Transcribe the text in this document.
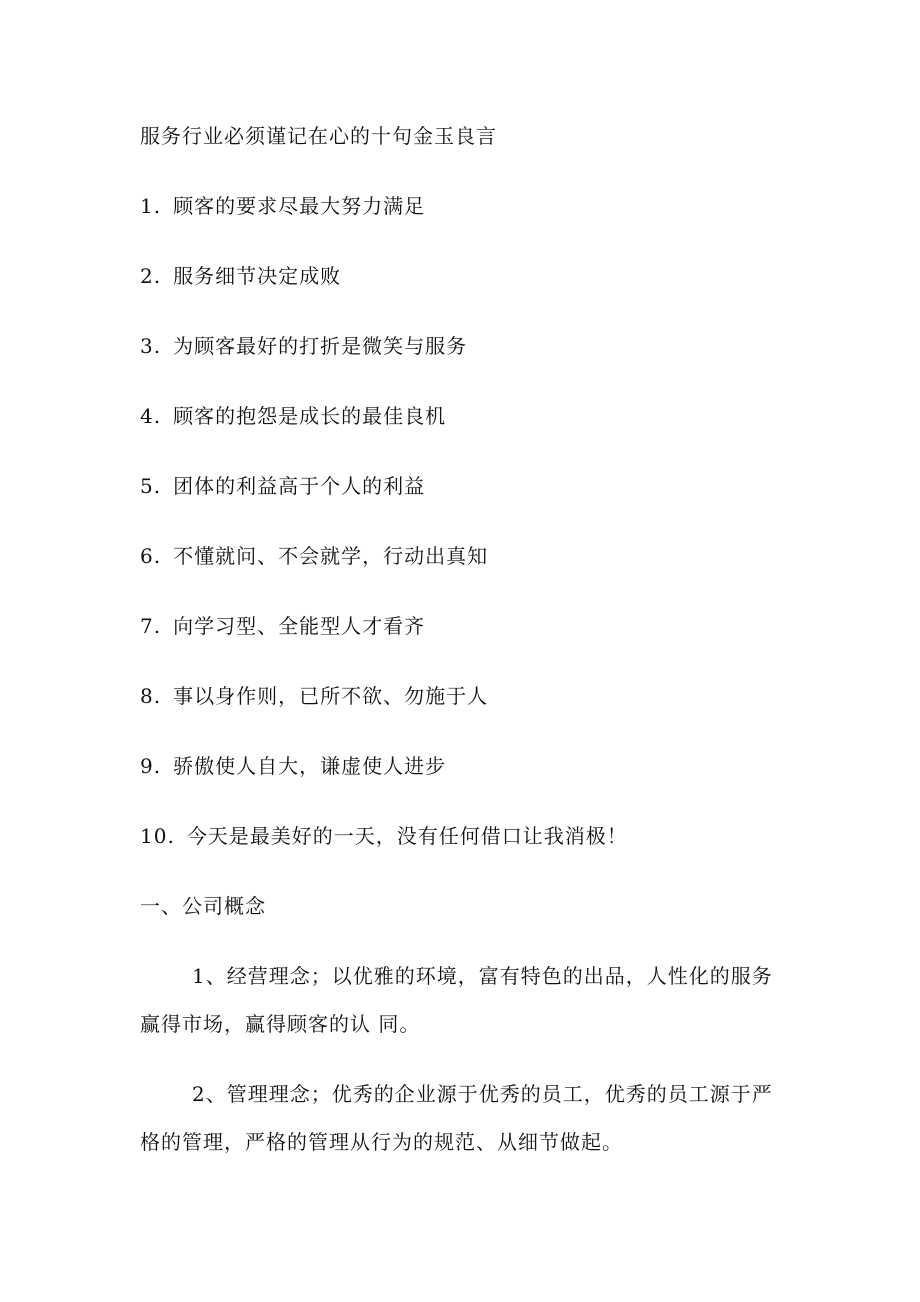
服务行业必须谨记在心的十句金玉良言
1. 顾客的要求尽最大努力满足
2. 服务细节决定成败
3. 为顾客最好的打折是微笑与服务
4. 顾客的抱怨是成长的最佳良机
5. 团体的利益高于个人的利益
6. 不懂就问、不会就学，行动出真知
7. 向学习型、全能型人才看齐
8. 事以身作则，已所不欲、勿施于人
9. 骄傲使人自大，谦虚使人进步
10. 今天是最美好的一天，没有任何借口让我消极！
一、公司概念
1、经营理念；以优雅的环境，富有特色的出品，人性化的服务
赢得市场，赢得顾客的认 同。
2、管理理念；优秀的企业源于优秀的员工，优秀的员工源于严
格的管理，严格的管理从行为的规范、从细节做起。
